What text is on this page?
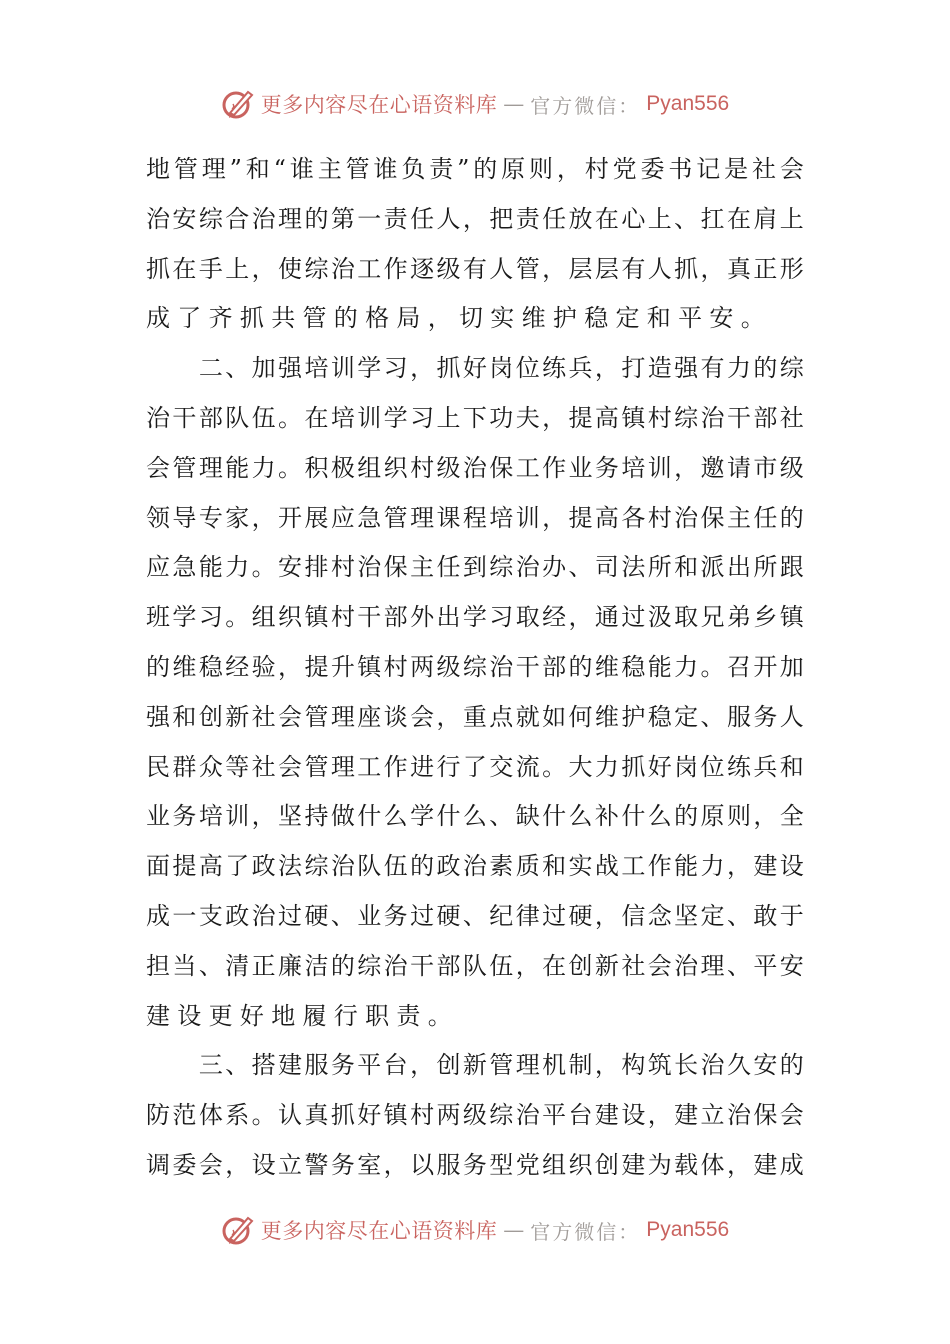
更多内容尽在心语资料库 — 官方微信： Pyan556
地 管 理 ” 和 “ 谁 主 管 谁 负 责 ” 的 原 则 ， 村 党 委 书 记 是 社 会
治 安 综 合 治 理 的 第 一 责 任 人 ， 把 责 任 放 在 心 上 、 扛 在 肩 上
抓 在 手 上 ， 使 综 治 工 作 逐 级 有 人 管 ， 层 层 有 人 抓 ， 真 正 形
成了齐抓共管的格局，切实维护稳定和平安。

二 、 加 强 培 训 学 习 ， 抓 好 岗 位 练 兵 ， 打 造 强 有 力 的 综
治 干 部 队 伍 。 在 培 训 学 习 上 下 功 夫 ， 提 高 镇 村 综 治 干 部 社
会 管 理 能 力 。 积 极 组 织 村 级 治 保 工 作 业 务 培 训 ， 邀 请 市 级
领 导 专 家 ， 开 展 应 急 管 理 课 程 培 训 ， 提 高 各 村 治 保 主 任 的
应 急 能 力 。 安 排 村 治 保 主 任 到 综 治 办 、 司 法 所 和 派 出 所 跟
班 学 习 。 组 织 镇 村 干 部 外 出 学 习 取 经 ， 通 过 汲 取 兄 弟 乡 镇
的 维 稳 经 验 ， 提 升 镇 村 两 级 综 治 干 部 的 维 稳 能 力 。 召 开 加
强 和 创 新 社 会 管 理 座 谈 会 ， 重 点 就 如 何 维 护 稳 定 、 服 务 人
民 群 众 等 社 会 管 理 工 作 进 行 了 交 流 。 大 力 抓 好 岗 位 练 兵 和
业 务 培 训 ， 坚 持 做 什 么 学 什 么 、 缺 什 么 补 什 么 的 原 则 ， 全
面 提 高 了 政 法 综 治 队 伍 的 政 治 素 质 和 实 战 工 作 能 力 ， 建 设
成 一 支 政 治 过 硬 、 业 务 过 硬 、 纪 律 过 硬 ， 信 念 坚 定 、 敢 于
担 当 、 清 正 廉 洁 的 综 治 干 部 队 伍 ， 在 创 新 社 会 治 理 、 平 安
建设更好地履行职责。

三 、 搭 建 服 务 平 台 ， 创 新 管 理 机 制 ， 构 筑 长 治 久 安 的
防 范 体 系 。 认 真 抓 好 镇 村 两 级 综 治 平 台 建 设 ， 建 立 治 保 会
调 委 会 ， 设 立 警 务 室 ， 以 服 务 型 党 组 织 创 建 为 载 体 ， 建 成
更多内容尽在心语资料库 — 官方微信： Pyan556
